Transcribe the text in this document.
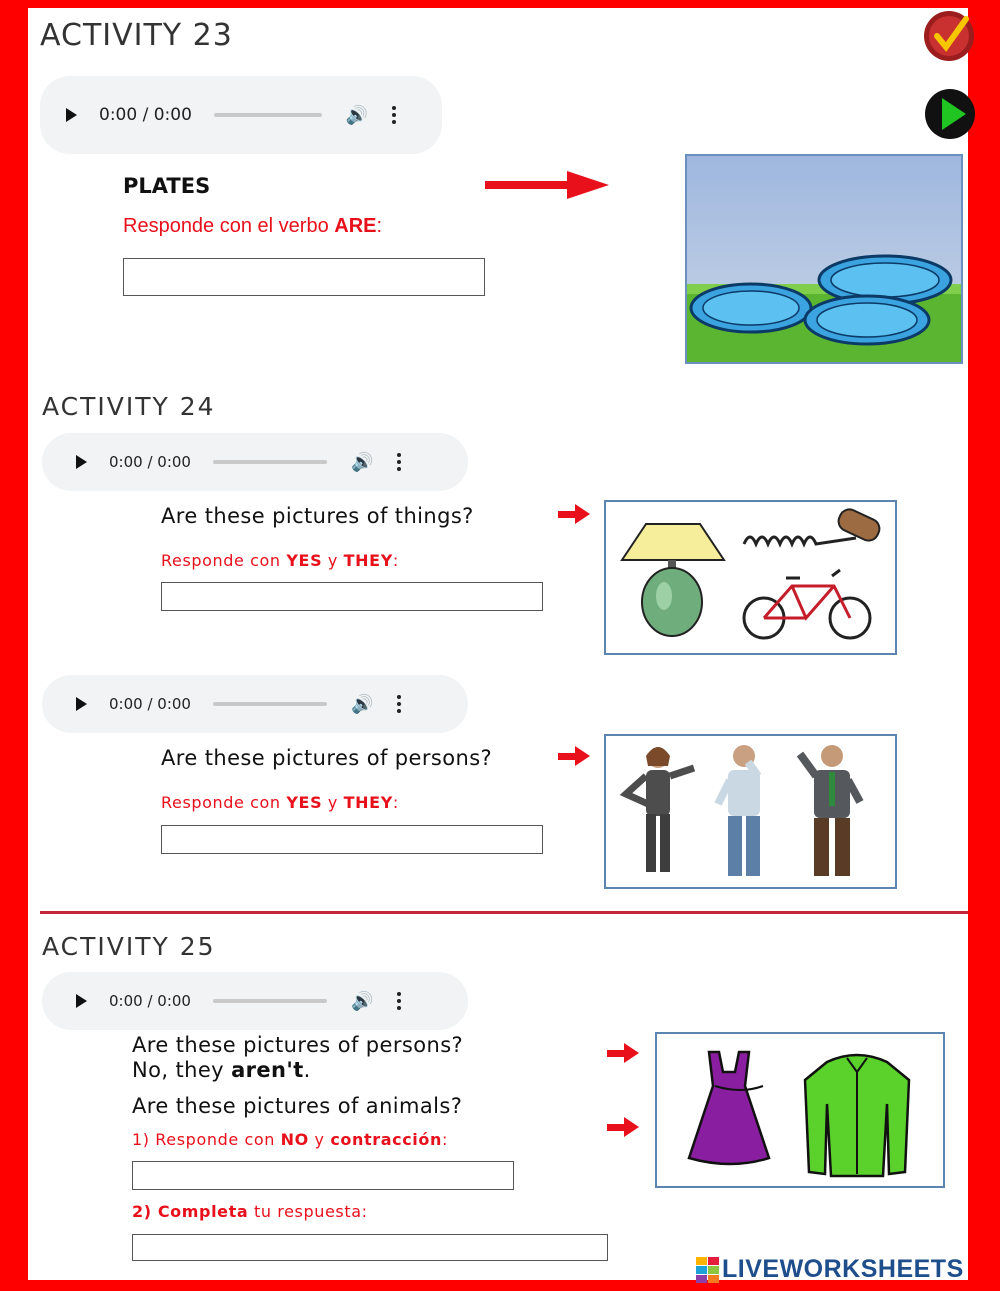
ACTIVITY 23
0:00 / 0:00	🔊
PLATES
Responde con el verbo ARE:
ACTIVITY 24
0:00 / 0:00	🔊
Are these pictures of things?
Responde con YES y THEY:
0:00 / 0:00	🔊
Are these pictures of persons?
Responde con YES y THEY:
ACTIVITY 25
0:00 / 0:00	🔊
Are these pictures of persons?
No, they aren't.
Are these pictures of animals?
1) Responde con NO y contracción:
2) Completa tu respuesta:
LIVEWORKSHEETS
